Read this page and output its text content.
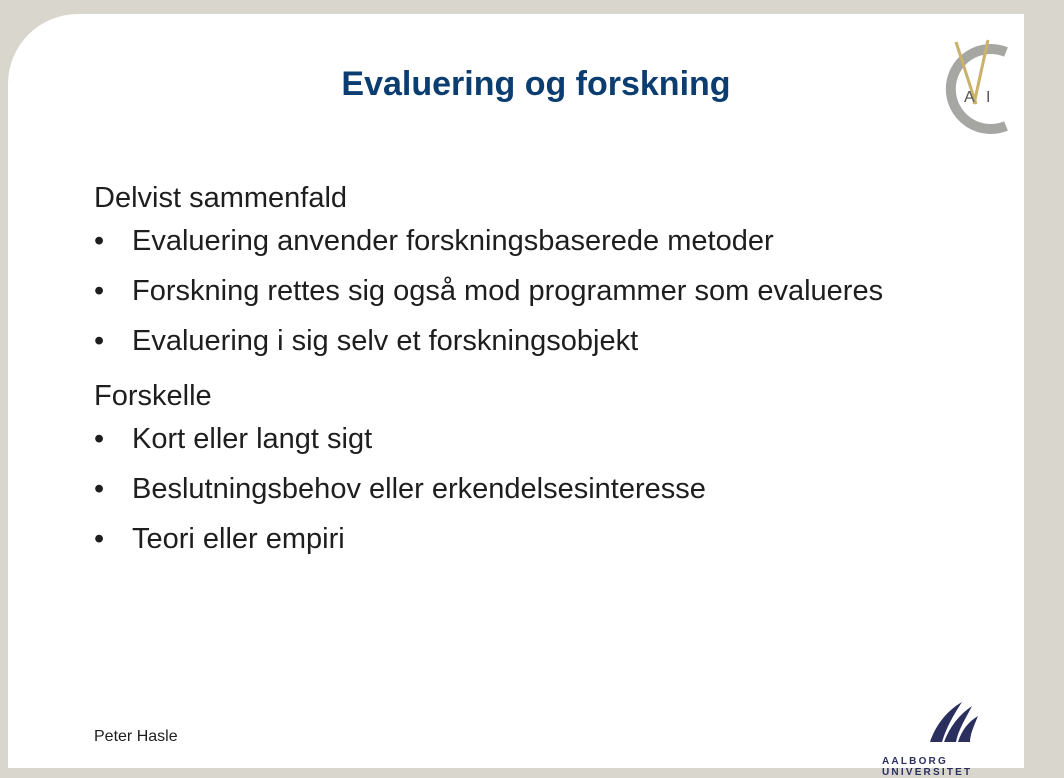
Evaluering og forskning	A I

Delvist sammenfald

• Evaluering anvender forskningsbaserede metoder
• Forskning rettes sig også mod programmer som evalueres
• Evaluering i sig selv et forskningsobjekt

Forskelle

• Kort eller langt sigt
• Beslutningsbehov eller erkendelsesinteresse
• Teori eller empiri
Peter Hasle
AALBORG UNIVERSITET
